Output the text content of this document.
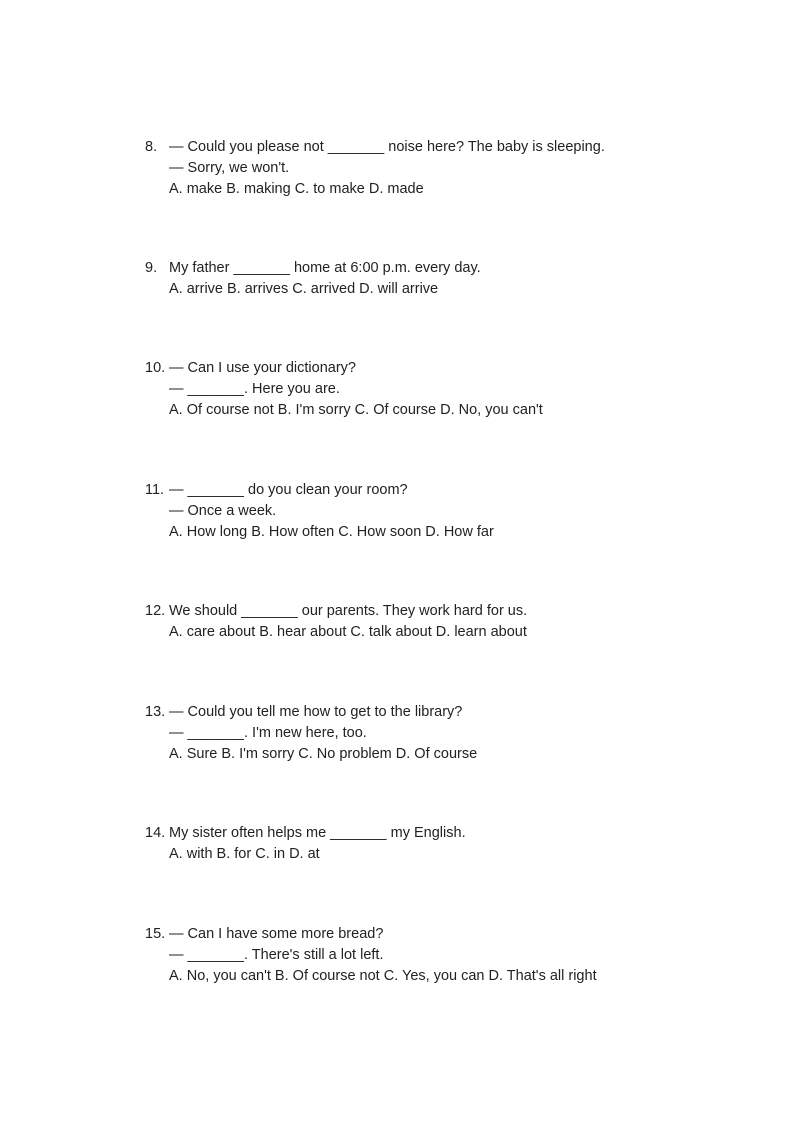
8. — Could you please not _______ noise here? The baby is sleeping.
— Sorry, we won't.
A. make B. making C. to make D. made
9. My father _______ home at 6:00 p.m. every day.
A. arrive B. arrives C. arrived D. will arrive
10. — Can I use your dictionary?
— _______. Here you are.
A. Of course not B. I'm sorry C. Of course D. No, you can't
11. — _______ do you clean your room?
— Once a week.
A. How long B. How often C. How soon D. How far
12. We should _______ our parents. They work hard for us.
A. care about B. hear about C. talk about D. learn about
13. — Could you tell me how to get to the library?
— _______. I'm new here, too.
A. Sure B. I'm sorry C. No problem D. Of course
14. My sister often helps me _______ my English.
A. with B. for C. in D. at
15. — Can I have some more bread?
— _______. There's still a lot left.
A. No, you can't B. Of course not C. Yes, you can D. That's all right
